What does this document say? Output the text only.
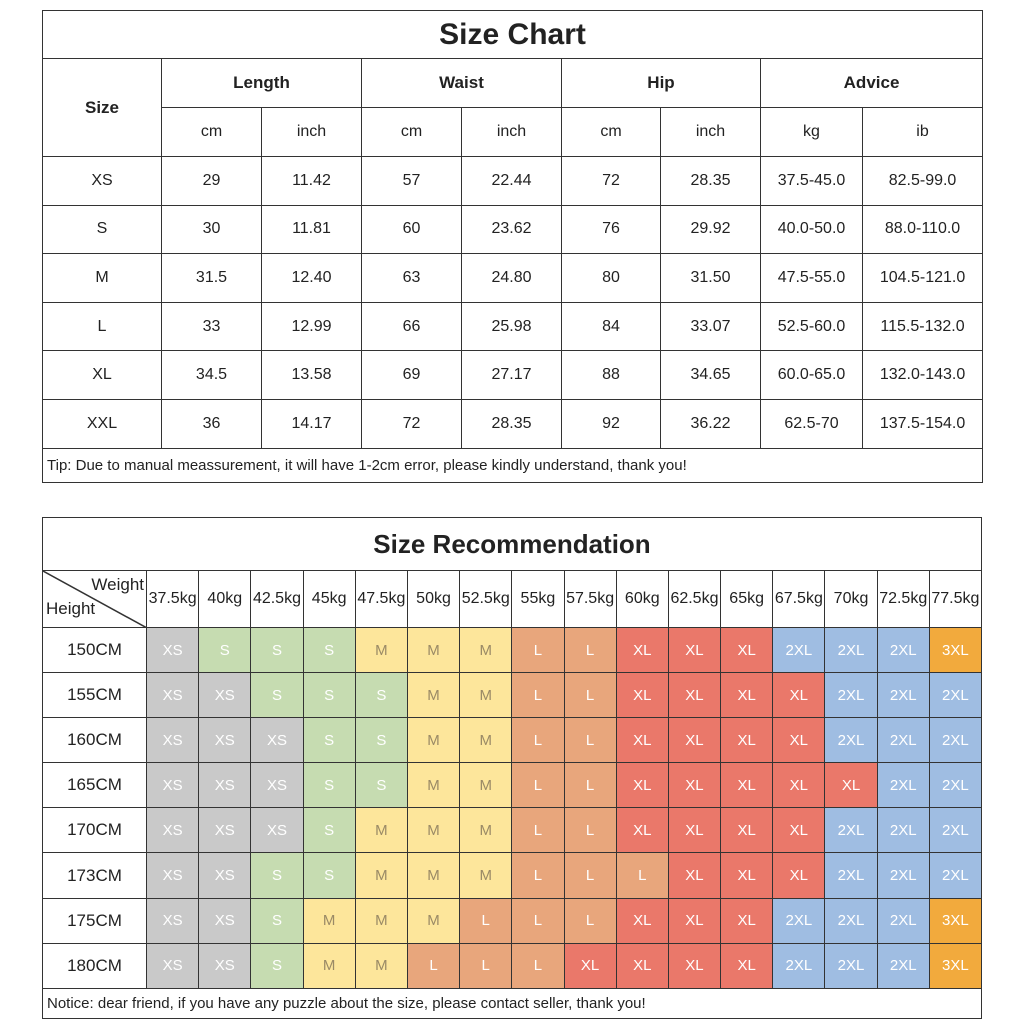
Size Chart								
Size	Length		Waist		Hip		Advice	
	cm	inch	cm	inch	cm	inch	kg	ib
XS	29	11.42	57	22.44	72	28.35	37.5-45.0	82.5-99.0
S	30	11.81	60	23.62	76	29.92	40.0-50.0	88.0-110.0
M	31.5	12.40	63	24.80	80	31.50	47.5-55.0	104.5-121.0
L	33	12.99	66	25.98	84	33.07	52.5-60.0	115.5-132.0
XL	34.5	13.58	69	27.17	88	34.65	60.0-65.0	132.0-143.0
XXL	36	14.17	72	28.35	92	36.22	62.5-70	137.5-154.0
Tip: Due to manual meassurement, it will have 1-2cm error, please kindly understand, thank you!								
Size Recommendation																

Weight
Height	37.5kg	40kg	42.5kg	45kg	47.5kg	50kg	52.5kg	55kg	57.5kg	60kg	62.5kg	65kg	67.5kg	70kg	72.5kg	77.5kg
150CM	XS	S	S	S	M	M	M	L	L	XL	XL	XL	2XL	2XL	2XL	3XL
155CM	XS	XS	S	S	S	M	M	L	L	XL	XL	XL	XL	2XL	2XL	2XL
160CM	XS	XS	XS	S	S	M	M	L	L	XL	XL	XL	XL	2XL	2XL	2XL
165CM	XS	XS	XS	S	S	M	M	L	L	XL	XL	XL	XL	XL	2XL	2XL
170CM	XS	XS	XS	S	M	M	M	L	L	XL	XL	XL	XL	2XL	2XL	2XL
173CM	XS	XS	S	S	M	M	M	L	L	L	XL	XL	XL	2XL	2XL	2XL
175CM	XS	XS	S	M	M	M	L	L	L	XL	XL	XL	2XL	2XL	2XL	3XL
180CM	XS	XS	S	M	M	L	L	L	XL	XL	XL	XL	2XL	2XL	2XL	3XL
Notice: dear friend, if you have any puzzle about the size, please contact seller, thank you!																
